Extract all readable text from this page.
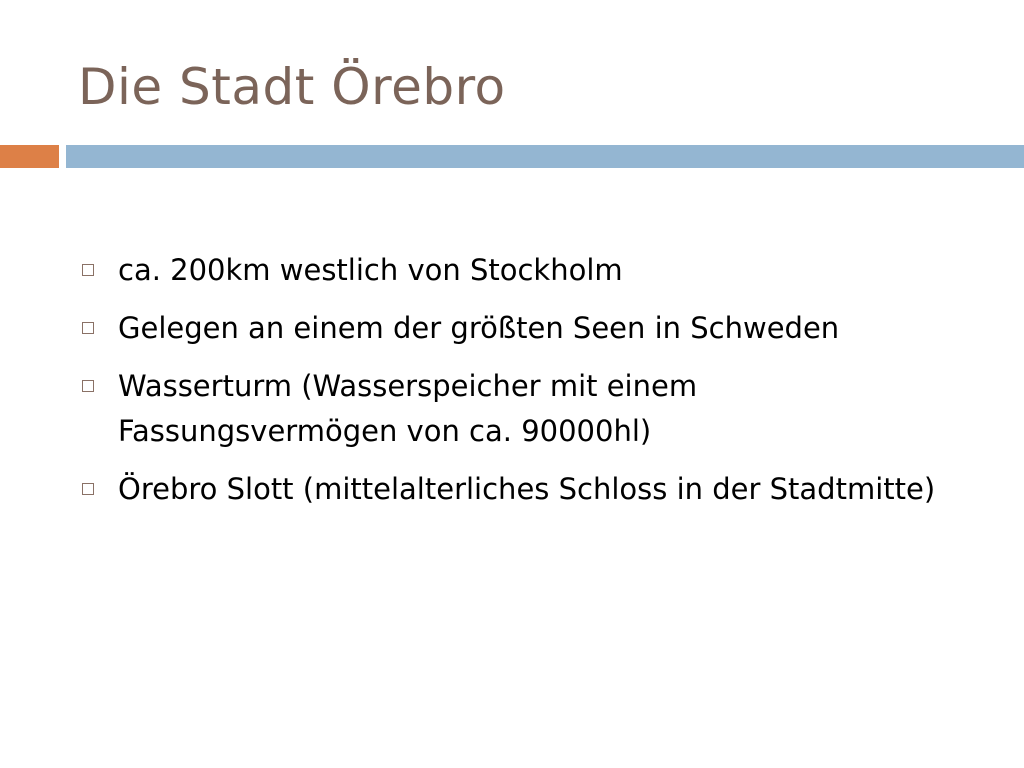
Die Stadt Örebro
ca. 200km westlich von Stockholm
Gelegen an einem der größten Seen in Schweden
Wasserturm (Wasserspeicher mit einem Fassungsvermögen von ca. 90000hl)
Örebro Slott (mittelalterliches Schloss in der Stadtmitte)
